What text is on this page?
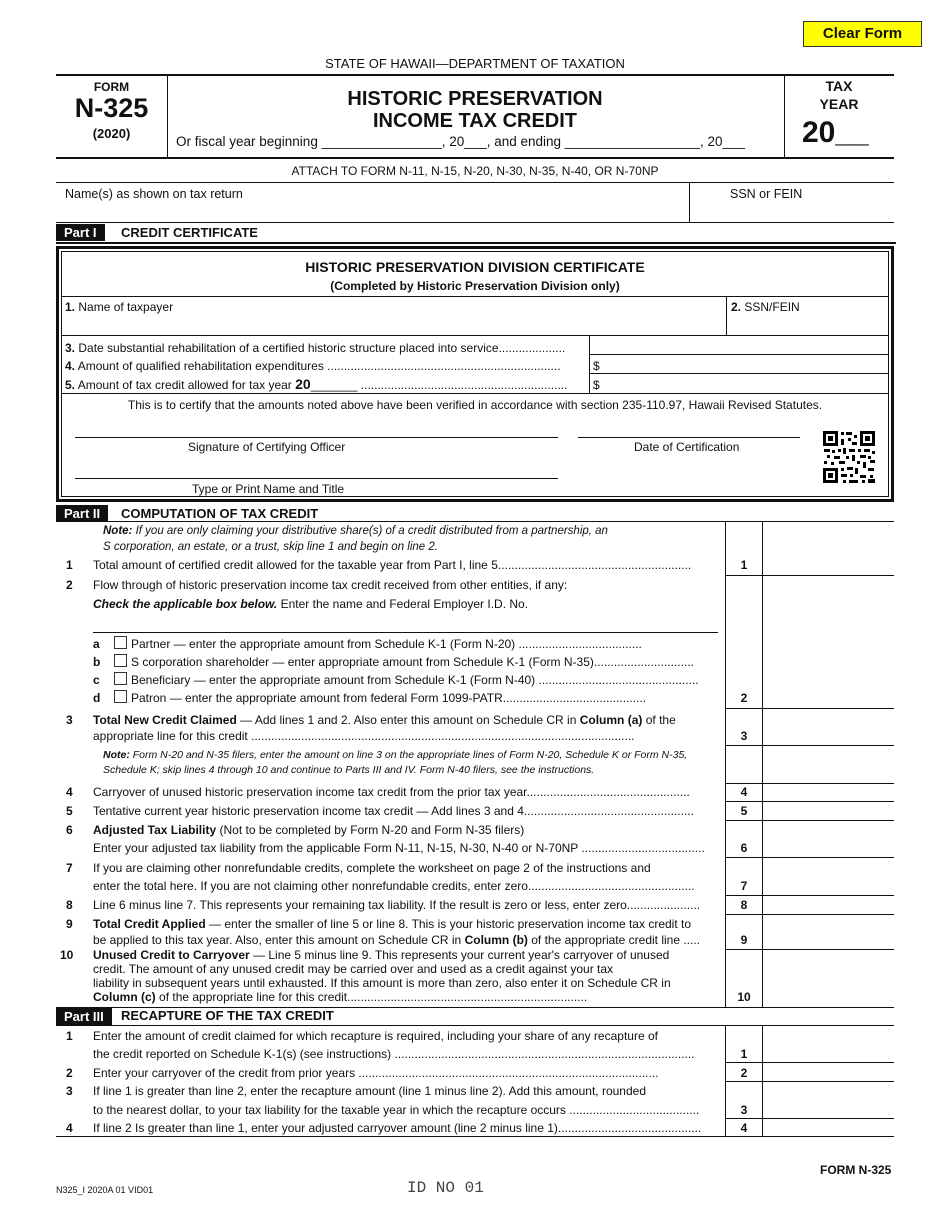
Clear Form
STATE OF HAWAII—DEPARTMENT OF TAXATION
FORM
N-325
(2020)
HISTORIC PRESERVATION
INCOME TAX CREDIT
Or fiscal year beginning ________________, 20___, and ending __________________, 20___
TAX
YEAR
20__
ATTACH TO FORM N-11, N-15, N-20, N-30, N-35, N-40, OR N-70NP
Name(s) as shown on tax return	SSN or FEIN
Part I	CREDIT CERTIFICATE
HISTORIC PRESERVATION DIVISION CERTIFICATE
(Completed by Historic Preservation Division only)
1. Name of taxpayer	2. SSN/FEIN
3. Date substantial rehabilitation of a certified historic structure placed into service....................
4. Amount of qualified rehabilitation expenditures ......................................................................	$
5. Amount of tax credit allowed for tax year 20_______ .............................................................. $
This is to certify that the amounts noted above have been verified in accordance with section 235-110.97, Hawaii Revised Statutes.
Signature of Certifying Officer	Date of Certification
Type or Print Name and Title
Part II	COMPUTATION OF TAX CREDIT
Note: If you are only claiming your distributive share(s) of a credit distributed from a partnership, an
S corporation, an estate, or a trust, skip line 1 and begin on line 2.
1 Total amount of certified credit allowed for the taxable year from Part I, line 5..........................................................	1
2 Flow through of historic preservation income tax credit received from other entities, if any:
Check the applicable box below. Enter the name and Federal Employer I.D. No.
a	Partner — enter the appropriate amount from Schedule K-1 (Form N-20) .....................................
b	S corporation shareholder — enter appropriate amount from Schedule K-1 (Form N-35)..............................
c	Beneficiary — enter the appropriate amount from Schedule K-1 (Form N-40) ................................................
d	Patron — enter the appropriate amount from federal Form 1099-PATR...........................................	2
3 Total New Credit Claimed — Add lines 1 and 2. Also enter this amount on Schedule CR in Column (a) of the
appropriate line for this credit ...................................................................................................................	3
Note: Form N-20 and N-35 filers, enter the amount on line 3 on the appropriate lines of Form N-20, Schedule K or Form N-35,
Schedule K; skip lines 4 through 10 and continue to Parts III and IV. Form N-40 filers, see the instructions.
4 Carryover of unused historic preservation income tax credit from the prior tax year.................................................	4
5 Tentative current year historic preservation income tax credit — Add lines 3 and 4...................................................	5
6 Adjusted Tax Liability (Not to be completed by Form N-20 and Form N-35 filers)
Enter your adjusted tax liability from the applicable Form N-11, N-15, N-30, N-40 or N-70NP .....................................	6
7 If you are claiming other nonrefundable credits, complete the worksheet on page 2 of the instructions and
enter the total here. If you are not claiming other nonrefundable credits, enter zero..................................................	7
8 Line 6 minus line 7. This represents your remaining tax liability. If the result is zero or less, enter zero......................	8
9 Total Credit Applied — enter the smaller of line 5 or line 8. This is your historic preservation income tax credit to
be applied to this tax year. Also, enter this amount on Schedule CR in Column (b) of the appropriate credit line .....	9
10 Unused Credit to Carryover — Line 5 minus line 9. This represents your current year's carryover of unused
credit. The amount of any unused credit may be carried over and used as a credit against your tax
liability in subsequent years until exhausted. If this amount is more than zero, also enter it on Schedule CR in
Column (c) of the appropriate line for this credit........................................................................	10
Part III	RECAPTURE OF THE TAX CREDIT
1 Enter the amount of credit claimed for which recapture is required, including your share of any recapture of
the credit reported on Schedule K-1(s) (see instructions) ..........................................................................................	1
2 Enter your carryover of the credit from prior years ..........................................................................................	2
3 If line 1 is greater than line 2, enter the recapture amount (line 1 minus line 2). Add this amount, rounded
to the nearest dollar, to your tax liability for the taxable year in which the recapture occurs .......................................	3
4 If line 2 Is greater than line 1, enter your adjusted carryover amount (line 2 minus line 1)...........................................	4
FORM N-325
N325_I 2020A 01 VID01	ID NO 01
